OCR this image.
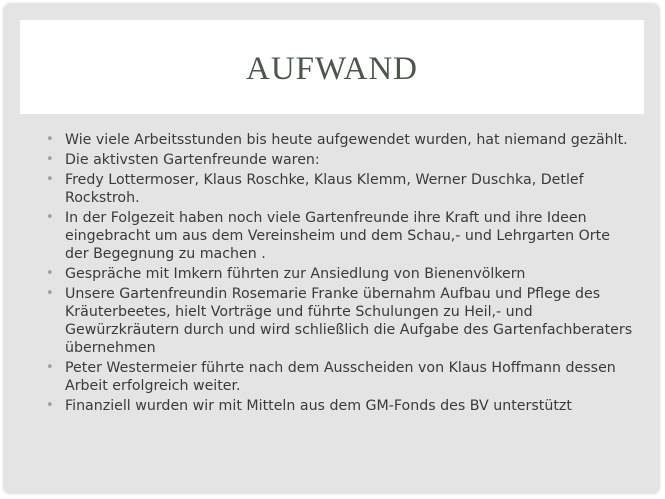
AUFWAND
• Wie viele Arbeitsstunden bis heute aufgewendet wurden, hat niemand gezählt.
• Die aktivsten Gartenfreunde waren:
• Fredy Lottermoser, Klaus Roschke, Klaus Klemm, Werner Duschka, Detlef Rockstroh.
• In der Folgezeit haben noch viele Gartenfreunde ihre Kraft und ihre Ideen eingebracht um aus dem Vereinsheim und dem Schau,- und Lehrgarten Orte der Begegnung zu machen .
• Gespräche mit Imkern führten zur Ansiedlung von Bienenvölkern
• Unsere Gartenfreundin Rosemarie Franke übernahm Aufbau und Pflege des Kräuterbeetes, hielt Vorträge und führte Schulungen zu Heil,- und Gewürzkräutern durch und wird schließlich die Aufgabe des Gartenfachberaters übernehmen
• Peter Westermeier führte nach dem Ausscheiden von Klaus Hoffmann dessen Arbeit erfolgreich weiter.
• Finanziell wurden wir mit Mitteln aus dem GM-Fonds des BV unterstützt
